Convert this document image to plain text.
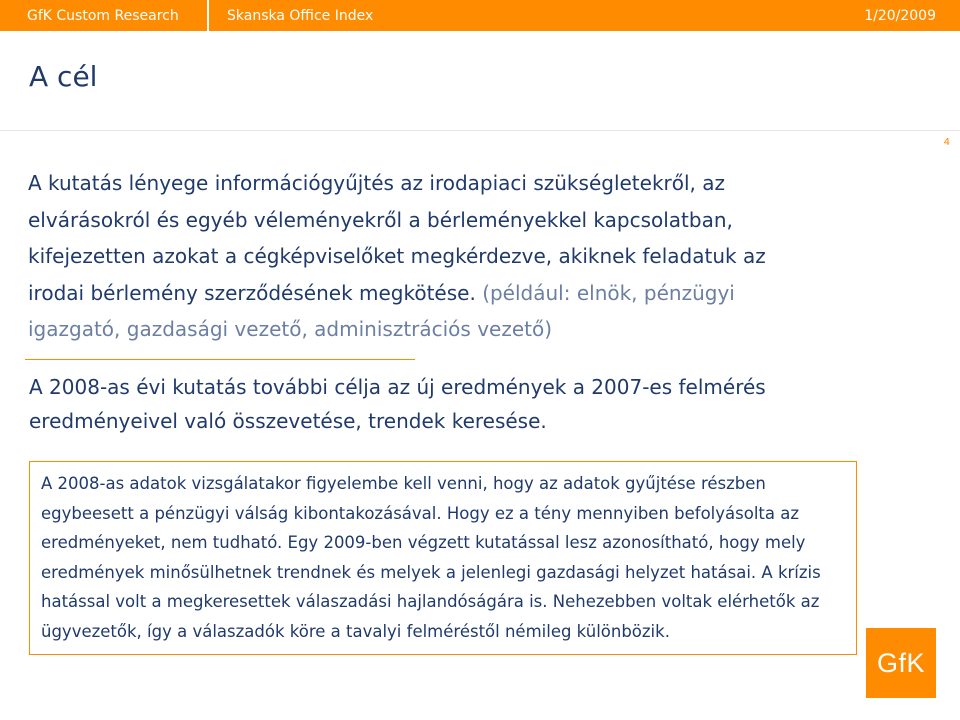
GfK Custom Research	Skanska Office Index	1/20/2009
A cél
4

A kutatás lényege információgyűjtés az irodapiaci szükségletekről, az elvárásokról és egyéb véleményekről a bérleményekkel kapcsolatban, kifejezetten azokat a cégképviselőket megkérdezve, akiknek feladatuk az irodai bérlemény szerződésének megkötése. (például: elnök, pénzügyi igazgató, gazdasági vezető, adminisztrációs vezető)

A 2008-as évi kutatás további célja az új eredmények a 2007-es felmérés eredményeivel való összevetése, trendek keresése.

A 2008-as adatok vizsgálatakor figyelembe kell venni, hogy az adatok gyűjtése részben egybeesett a pénzügyi válság kibontakozásával. Hogy ez a tény mennyiben befolyásolta az eredményeket, nem tudható. Egy 2009-ben végzett kutatással lesz azonosítható, hogy mely eredmények minősülhetnek trendnek és melyek a jelenlegi gazdasági helyzet hatásai. A krízis hatással volt a megkeresettek válaszadási hajlandóságára is. Nehezebben voltak elérhetők az ügyvezetők, így a válaszadók köre a tavalyi felméréstől némileg különbözik.

GfK
